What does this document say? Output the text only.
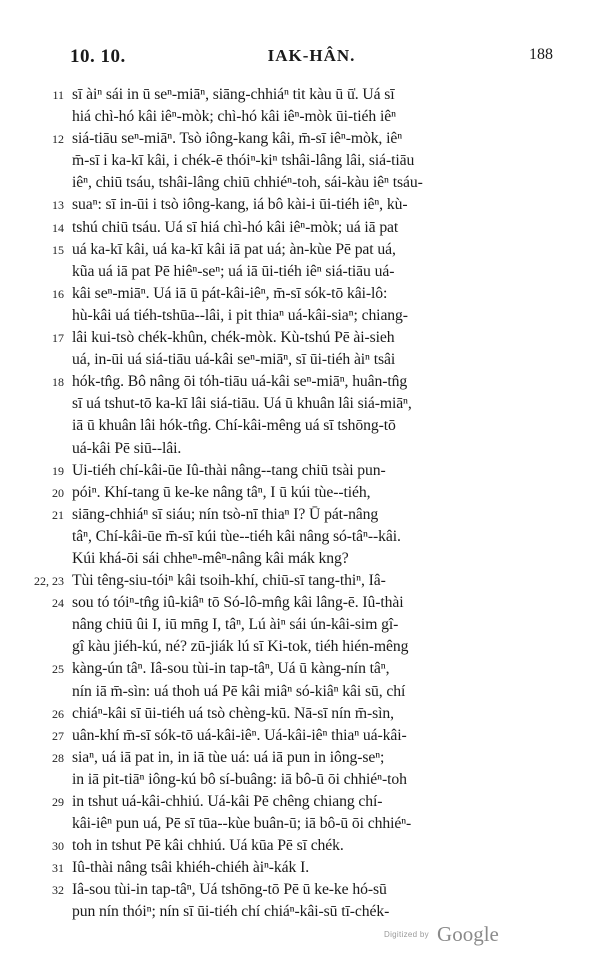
10. 10.	IAK-HÂN.	188
11 sī àiⁿ sái in ū seⁿ-miāⁿ, siāng-chhiáⁿ tit kàu ū ū̍. Uá sī
hiá chì-hó kâi iêⁿ-mòk; chì-hó kâi iêⁿ-mòk ūi-tiéh iêⁿ
12 siá-tiāu seⁿ-miāⁿ. Tsò iông-kang kâi, m̄-sī iêⁿ-mòk, iêⁿ
m̄-sī i ka-kī kâi, i chék-ē thóiⁿ-kiⁿ tshâi-lâng lâi, siá-tiāu
iêⁿ, chiū tsáu, tshâi-lâng chiū chhiéⁿ-toh, sái-kàu iêⁿ tsáu-
13 suaⁿ: sī in-ūi i tsò iông-kang, iá bô kài-i ūi-tiéh iêⁿ, kù-
14 tshú chiū tsáu. Uá sī hiá chì-hó kâi iêⁿ-mòk; uá iā pat
15 uá ka-kī kâi, uá ka-kī kâi iā pat uá; àn-kùe Pē pat uá,
kũa uá iā pat Pē hiêⁿ-seⁿ; uá iā ūi-tiéh iêⁿ siá-tiāu uá-
16 kâi seⁿ-miāⁿ. Uá iā ū pát-kâi-iêⁿ, m̄-sī sók-tō kâi-lô:
hù-kâi uá tiéh-tshūa--lâi, i pit thiaⁿ uá-kâi-siaⁿ; chiang-
17 lâi kui-tsò chék-khûn, chék-mòk. Kù-tshú Pē ài-sieh
uá, in-ūi uá siá-tiāu uá-kâi seⁿ-miāⁿ, sī ūi-tiéh àiⁿ tsâi
18 hók-tn̂g. Bô nâng ōi tóh-tiāu uá-kâi seⁿ-miāⁿ, huân-tn̂g
sī uá tshut-tō ka-kī lâi siá-tiāu. Uá ū khuân lâi siá-miāⁿ,
iā ū khuân lâi hók-tn̂g. Chí-kâi-mêng uá sī tshōng-tō
uá-kâi Pē siū--lâi.
19 Ui-tiéh chí-kâi-ūe Iû-thài nâng--tang chiū tsài pun-
20 póiⁿ. Khí-tang ū ke-ke nâng tâⁿ, I ū kúi tùe--tiéh,
21 siāng-chhiáⁿ sī siáu; nín tsò-nī thiaⁿ I? Ū pát-nâng
tâⁿ, Chí-kâi-ūe m̄-sī kúi tùe--tiéh kâi nâng só-tâⁿ--kâi.
Kúi khá-ōi sái chheⁿ-mêⁿ-nâng kâi mák kng?
22, 23 Tùi têng-siu-tóiⁿ kâi tsoih-khí, chiū-sī tang-thiⁿ, Iâ-
24 sou tó tóiⁿ-tn̂g iû-kiâⁿ tō Só-lô-mn̂g kâi lâng-ē. Iû-thài
nâng chiū ûi I, iū mn̄g I, tâⁿ, Lú àiⁿ sái ún-kâi-sim gî-
gî kàu jiéh-kú, né? zū-jiák lú sī Ki-tok, tiéh hién-mêng
25 kàng-ún tâⁿ. Iâ-sou tùi-in tap-tâⁿ, Uá ū kàng-nín tâⁿ,
nín iā m̄-sìn: uá thoh uá Pē kâi miâⁿ só-kiâⁿ kâi sū, chí
26 chiáⁿ-kâi sī ūi-tiéh uá tsò chèng-kū. Nā-sī nín m̄-sìn,
27 uân-khí m̄-sī sók-tō uá-kâi-iêⁿ. Uá-kâi-iêⁿ thiaⁿ uá-kâi-
28 siaⁿ, uá iā pat in, in iā tùe uá: uá iā pun in iông-seⁿ;
in iā pit-tiāⁿ iông-kú bô sí-buâng: iā bô-ū ōi chhiéⁿ-toh
29 in tshut uá-kâi-chhiú. Uá-kâi Pē chêng chiang chí-
kâi-iêⁿ pun uá, Pē sī tūa--kùe buân-ū; iā bô-ū ōi chhiéⁿ-
30 toh in tshut Pē kâi chhiú. Uá kūa Pē sī chék.
31 Iû-thài nâng tsâi khiéh-chiéh àiⁿ-kák I.
32 Iâ-sou tùi-in tap-tâⁿ, Uá tshōng-tō Pē ū ke-ke hó-sū
pun nín thóiⁿ; nín sī ūi-tiéh chí chiáⁿ-kâi-sū tī-chék-
Digitized by Google
